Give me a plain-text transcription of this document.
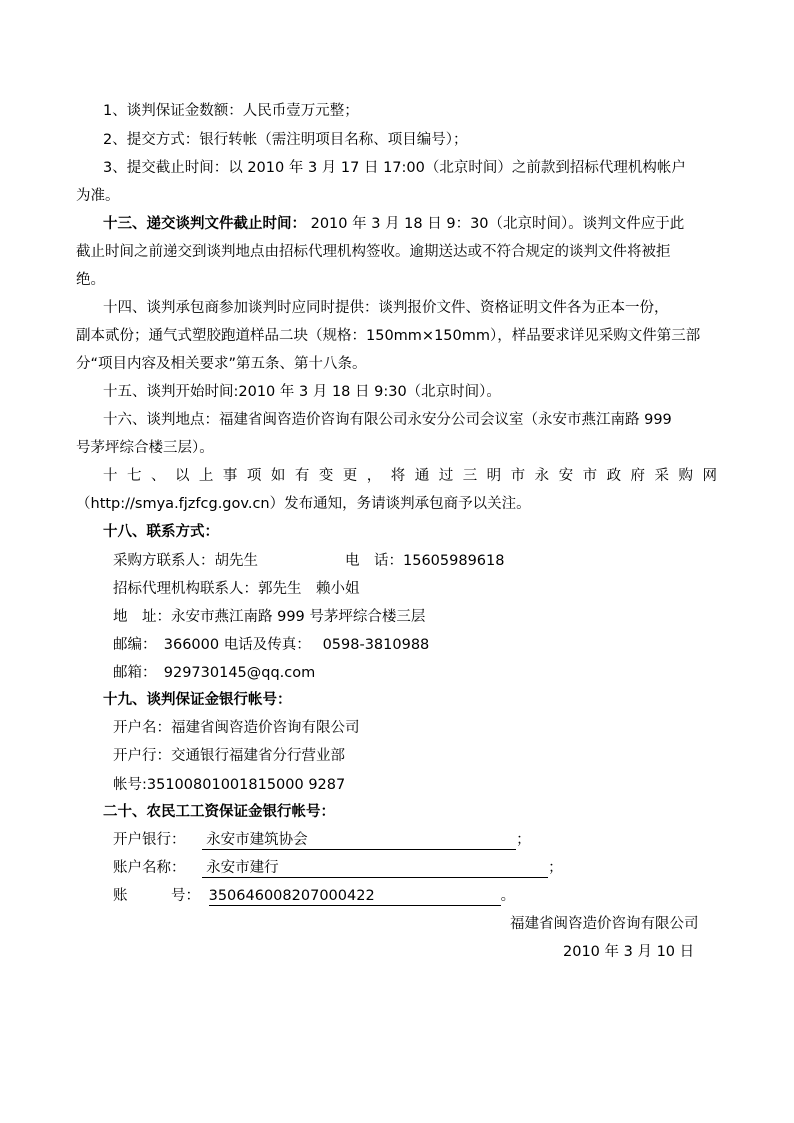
1、谈判保证金数额：人民币壹万元整；
2、提交方式：银行转帐（需注明项目名称、项目编号）；
3、提交截止时间：以 2010 年 3 月 17 日 17:00（北京时间）之前款到招标代理机构帐户
为准。
十三、递交谈判文件截止时间： 2010 年 3 月 18 日 9：30（北京时间）。谈判文件应于此
截止时间之前递交到谈判地点由招标代理机构签收。逾期送达或不符合规定的谈判文件将被拒
绝。
十四、谈判承包商参加谈判时应同时提供：谈判报价文件、资格证明文件各为正本一份，
副本贰份；通气式塑胶跑道样品二块（规格：150mm×150mm），样品要求详见采购文件第三部
分“项目内容及相关要求”第五条、第十八条。
十五、谈判开始时间:2010 年 3 月 18 日 9:30（北京时间）。
十六、谈判地点：福建省闽咨造价咨询有限公司永安分公司会议室（永安市燕江南路 999
号茅坪综合楼三层）。
十七、以上事项如有变更，将通过三明市永安市政府采购网
（http://smya.fjzfcg.gov.cn）发布通知，务请谈判承包商予以关注。
十八、联系方式：
采购方联系人：胡先生	电　话：15605989618
招标代理机构联系人：郭先生　赖小姐
地　址：永安市燕江南路 999 号茅坪综合楼三层
邮编：　366000 电话及传真：　 0598-3810988
邮箱：　929730145@qq.com
十九、谈判保证金银行帐号：
开户名：福建省闽咨造价咨询有限公司
开户行：交通银行福建省分行营业部
帐号:35100801001815000 9287
二十、农民工工资保证金银行帐号：
开户银行： 永安市建筑协会	；
账户名称： 永安市建行	；
账　　　号： 350646008207000422	。
福建省闽咨造价咨询有限公司
2010 年 3 月 10 日
